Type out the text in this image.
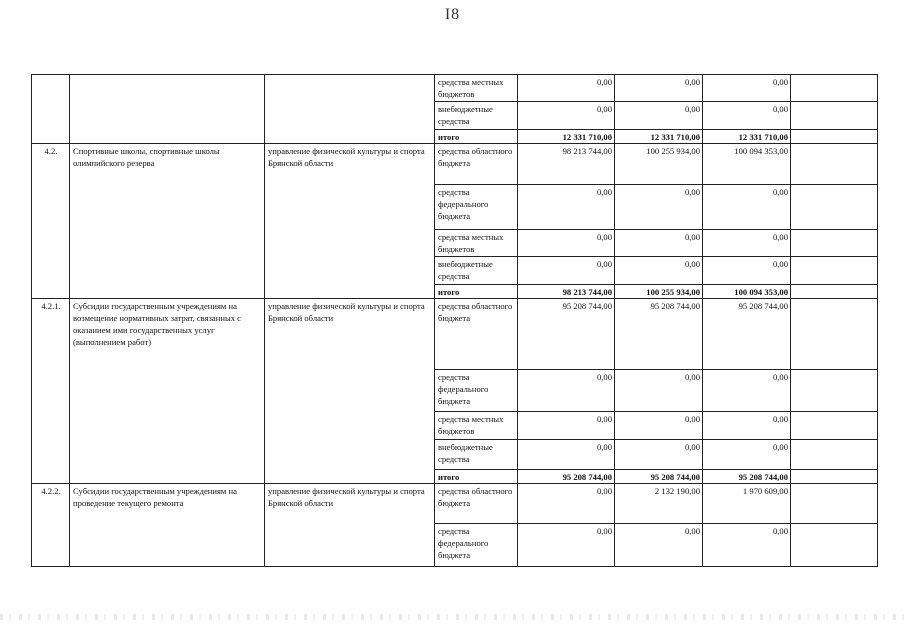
I8
			средства местных бюджетов	0,00	0,00	0,00	
			внебюджетные средства	0,00	0,00	0,00	
			итого	12 331 710,00	12 331 710,00	12 331 710,00	
4.2.	Спортивные школы, спортивные школы олимпийского резерва	управление физической культуры и спорта Брянской области	средства областного бюджета	98 213 744,00	100 255 934,00	100 094 353,00	
			средства федерального бюджета	0,00	0,00	0,00	
			средства местных бюджетов	0,00	0,00	0,00	
			внебюджетные средства	0,00	0,00	0,00	
			итого	98 213 744,00	100 255 934,00	100 094 353,00	
4.2.1.	Субсидии государственным учреждениям на возмещение нормативных затрат, связанных с оказанием ими государственных услуг (выполнением работ)	управление физической культуры и спорта Брянской области	средства областного бюджета	95 208 744,00	95 208 744,00	95 208 744,00	
			средства федерального бюджета	0,00	0,00	0,00	
			средства местных бюджетов	0,00	0,00	0,00	
			внебюджетные средства	0,00	0,00	0,00	
			итого	95 208 744,00	95 208 744,00	95 208 744,00	
4.2.2.	Субсидии государственным учреждениям на проведение текущего ремонта	управление физической культуры и спорта Брянской области	средства областного бюджета	0,00	2 132 190,00	1 970 609,00	
			средства федерального бюджета	0,00	0,00	0,00	
